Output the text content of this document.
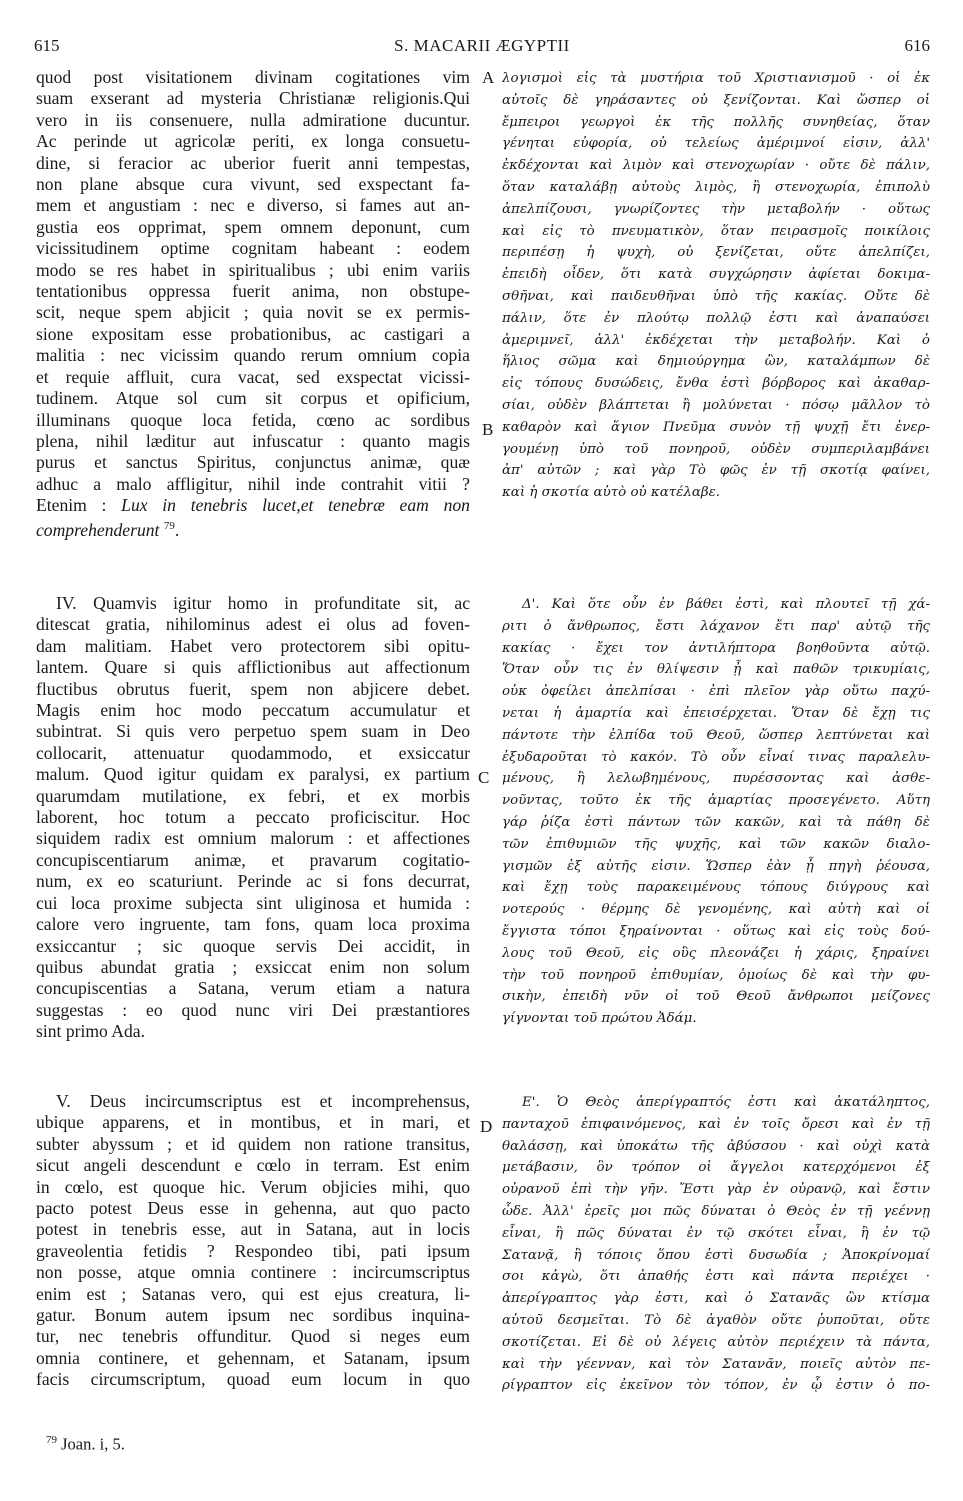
615	S. MACARII ÆGYPTII	616
quod post visitationem divinam cogitationes vim
suam exserant ad mysteria Christianæ religionis.Qui
vero in iis consenuere, nulla admiratione ducuntur.
Ac perinde ut agricolæ periti, ex longa consuetu-
dine, si feracior ac uberior fuerit anni tempestas,
non plane absque cura vivunt, sed exspectant fa-
mem et angustiam : nec e diverso, si fames aut an-
gustia eos opprimat, spem omnem deponunt, cum
vicissitudinem optime cognitam habeant : eodem
modo se res habet in spiritualibus ; ubi enim variis
tentationibus oppressa fuerit anima, non obstupe-
scit, neque spem abjicit ; quia novit se ex permis-
sione expositam esse probationibus, ac castigari a
malitia : nec vicissim quando rerum omnium copia
et requie affluit, cura vacat, sed exspectat vicissi-
tudinem. Atque sol cum sit corpus et opificium,
illuminans quoque loca fetida, cœno ac sordibus
plena, nihil læditur aut infuscatur : quanto magis
purus et sanctus Spiritus, conjunctus animæ, quæ
adhuc a malo affligitur, nihil inde contrahit vitii ?
Etenim : Lux in tenebris lucet,et tenebræ eam non
comprehenderunt $^{79}$.
IV. Quamvis igitur homo in profunditate sit, ac
ditescat gratia, nihilominus adest ei olus ad foven-
dam malitiam. Habet vero protectorem sibi opitu-
lantem. Quare si quis afflictionibus aut affectionum
fluctibus obrutus fuerit, spem non abjicere debet.
Magis enim hoc modo peccatum accumulatur et
subintrat. Si quis vero perpetuo spem suam in Deo
collocarit, attenuatur quodammodo, et exsiccatur
malum. Quod igitur quidam ex paralysi, ex partium
quarumdam mutilatione, ex febri, et ex morbis
laborent, hoc totum a peccato proficiscitur. Hoc
siquidem radix est omnium malorum : et affectiones
concupiscentiarum animæ, et pravarum cogitatio-
num, ex eo scaturiunt. Perinde ac si fons decurrat,
cui loca proxime subjecta sint uliginosa et humida :
calore vero ingruente, tam fons, quam loca proxima
exsiccantur ; sic quoque servis Dei accidit, in
quibus abundat gratia ; exsiccat enim non solum
concupiscentias a Satana, verum etiam a natura
suggestas : eo quod nunc viri Dei præstantiores
sint primo Ada.
V. Deus incircumscriptus est et incomprehensus,
ubique apparens, et in montibus, et in mari, et
subter abyssum ; et id quidem non ratione transitus,
sicut angeli descendunt e cœlo in terram. Est enim
in cœlo, est quoque hic. Verum objicies mihi, quo
pacto potest Deus esse in gehenna, aut quo pacto
potest in tenebris esse, aut in Satana, aut in locis
graveolentia fetidis ? Respondeo tibi, pati ipsum
non posse, atque omnia continere : incircumscriptus
enim est ; Satanas vero, qui est ejus creatura, li-
gatur. Bonum autem ipsum nec sordibus inquina-
tur, nec tenebris offunditur. Quod si neges eum
omnia continere, et gehennam, et Satanam, ipsum
facis circumscriptum, quoad eum locum in quo
λογισμοὶ εἰς τὰ μυστήρια τοῦ Χριστιανισμοῦ · οἱ ἐκ
αὐτοῖς δὲ γηράσαντες οὐ ξενίζονται. Καὶ ὥσπερ οἱ
ἔμπειροι γεωργοὶ ἐκ τῆς πολλῆς συνηθείας, ὅταν
γένηται εὐφορία, οὐ τελείως ἀμέριμνοί εἰσιν, ἀλλ'
ἐκδέχονται καὶ λιμὸν καὶ στενοχωρίαν · οὔτε δὲ πάλιν,
ὅταν καταλάβῃ αὐτοὺς λιμὸς, ἢ στενοχωρία, ἐπιπολὺ
ἀπελπίζουσι, γνωρίζοντες τὴν μεταβολήν · οὕτως
καὶ εἰς τὸ πνευματικὸν, ὅταν πειρασμοῖς ποικίλοις
περιπέσῃ ἡ ψυχὴ, οὐ ξενίζεται, οὔτε ἀπελπίζει,
ἐπειδὴ οἶδεν, ὅτι κατὰ συγχώρησιν ἀφίεται δοκιμα-
σθῆναι, καὶ παιδευθῆναι ὑπὸ τῆς κακίας. Οὔτε δὲ
πάλιν, ὅτε ἐν πλούτῳ πολλῷ ἐστι καὶ ἀναπαύσει
ἀμεριμνεῖ, ἀλλ' ἐκδέχεται τὴν μεταβολήν. Καὶ ὁ
ἥλιος σῶμα καὶ δημιούργημα ὢν, καταλάμπων δὲ
εἰς τόπους δυσώδεις, ἔνθα ἐστὶ βόρβορος καὶ ἀκαθαρ-
σίαι, οὐδὲν βλάπτεται ἢ μολύνεται · πόσῳ μᾶλλον τὸ
καθαρὸν καὶ ἅγιον Πνεῦμα συνὸν τῇ ψυχῇ ἔτι ἐνερ-
γουμένῃ ὑπὸ τοῦ πονηροῦ, οὐδὲν συμπεριλαμβάνει
ἀπ' αὐτῶν ; καὶ γὰρ Τὸ φῶς ἐν τῇ σκοτίᾳ φαίνει,
καὶ ἡ σκοτία αὐτὸ οὐ κατέλαβε.
Δ'. Καὶ ὅτε οὖν ἐν βάθει ἐστὶ, καὶ πλουτεῖ τῇ χά-
ριτι ὁ ἄνθρωπος, ἔστι λάχανον ἔτι παρ' αὐτῷ τῆς
κακίας · ἔχει τον ἀντιλήπτορα βοηθοῦντα αὐτῷ.
Ὅταν οὖν τις ἐν θλίψεσιν ᾖ καὶ παθῶν τρικυμίαις,
οὐκ ὀφείλει ἀπελπίσαι · ἐπὶ πλεῖον γὰρ οὕτω παχύ-
νεται ἡ ἁμαρτία καὶ ἐπεισέρχεται. Ὅταν δὲ ἔχῃ τις
πάντοτε τὴν ἐλπίδα τοῦ Θεοῦ, ὥσπερ λεπτύνεται καὶ
ἐξυδαροῦται τὸ κακόν. Τὸ οὖν εἶναί τινας παραλελυ-
μένους, ἢ λελωβημένους, πυρέσσοντας καὶ ἀσθε-
νοῦντας, τοῦτο ἐκ τῆς ἁμαρτίας προσεγένετο. Αὕτη
γάρ ῥίζα ἐστὶ πάντων τῶν κακῶν, καὶ τὰ πάθη δὲ
τῶν ἐπιθυμιῶν τῆς ψυχῆς, καὶ τῶν κακῶν διαλο-
γισμῶν ἐξ αὐτῆς εἰσιν. Ὥσπερ ἐὰν ᾖ πηγὴ ῥέουσα,
καὶ ἔχῃ τοὺς παρακειμένους τόπους διύγρους καὶ
νοτερούς · θέρμης δὲ γενομένης, καὶ αὐτὴ καὶ οἱ
ἔγγιστα τόποι ξηραίνονται · οὕτως καὶ εἰς τοὺς δού-
λους τοῦ Θεοῦ, εἰς οὓς πλεονάζει ἡ χάρις, ξηραίνει
τὴν τοῦ πονηροῦ ἐπιθυμίαν, ὁμοίως δὲ καὶ τὴν φυ-
σικὴν, ἐπειδὴ νῦν οἱ τοῦ Θεοῦ ἄνθρωποι μείζονες
γίγνονται τοῦ πρώτου Ἀδάμ.
Ε'. Ὁ Θεὸς ἀπερίγραπτός ἐστι καὶ ἀκατάληπτος,
πανταχοῦ ἐπιφαινόμενος, καὶ ἐν τοῖς ὄρεσι καὶ ἐν τῇ
θαλάσσῃ, καὶ ὑποκάτω τῆς ἀβύσσου · καὶ οὐχὶ κατὰ
μετάβασιν, ὃν τρόπον οἱ ἄγγελοι κατερχόμενοι ἐξ
οὐρανοῦ ἐπὶ τὴν γῆν. Ἔστι γὰρ ἐν οὐρανῷ, καὶ ἔστιν
ὧδε. Ἀλλ' ἐρεῖς μοι πῶς δύναται ὁ Θεὸς ἐν τῇ γεέννῃ
εἶναι, ἢ πῶς δύναται ἐν τῷ σκότει εἶναι, ἢ ἐν τῷ
Σατανᾷ, ἢ τόποις ὅπου ἐστὶ δυσωδία ; Ἀποκρίνομαί
σοι κἀγὼ, ὅτι ἀπαθής ἐστι καὶ πάντα περιέχει ·
ἀπερίγραπτος γὰρ ἐστι, καὶ ὁ Σατανᾶς ὢν κτίσμα
αὐτοῦ δεσμεῖται. Τὸ δὲ ἀγαθὸν οὔτε ῥυποῦται, οὔτε
σκοτίζεται. Εἰ δὲ οὐ λέγεις αὐτὸν περιέχειν τὰ πάντα,
καὶ τὴν γέενναν, καὶ τὸν Σατανᾶν, ποιεῖς αὐτὸν πε-
ρίγραπτον εἰς ἐκεῖνον τὸν τόπον, ἐν ᾧ ἐστιν ὁ πο-
A
B
C
D
$^{79}$ Joan. i, 5.
